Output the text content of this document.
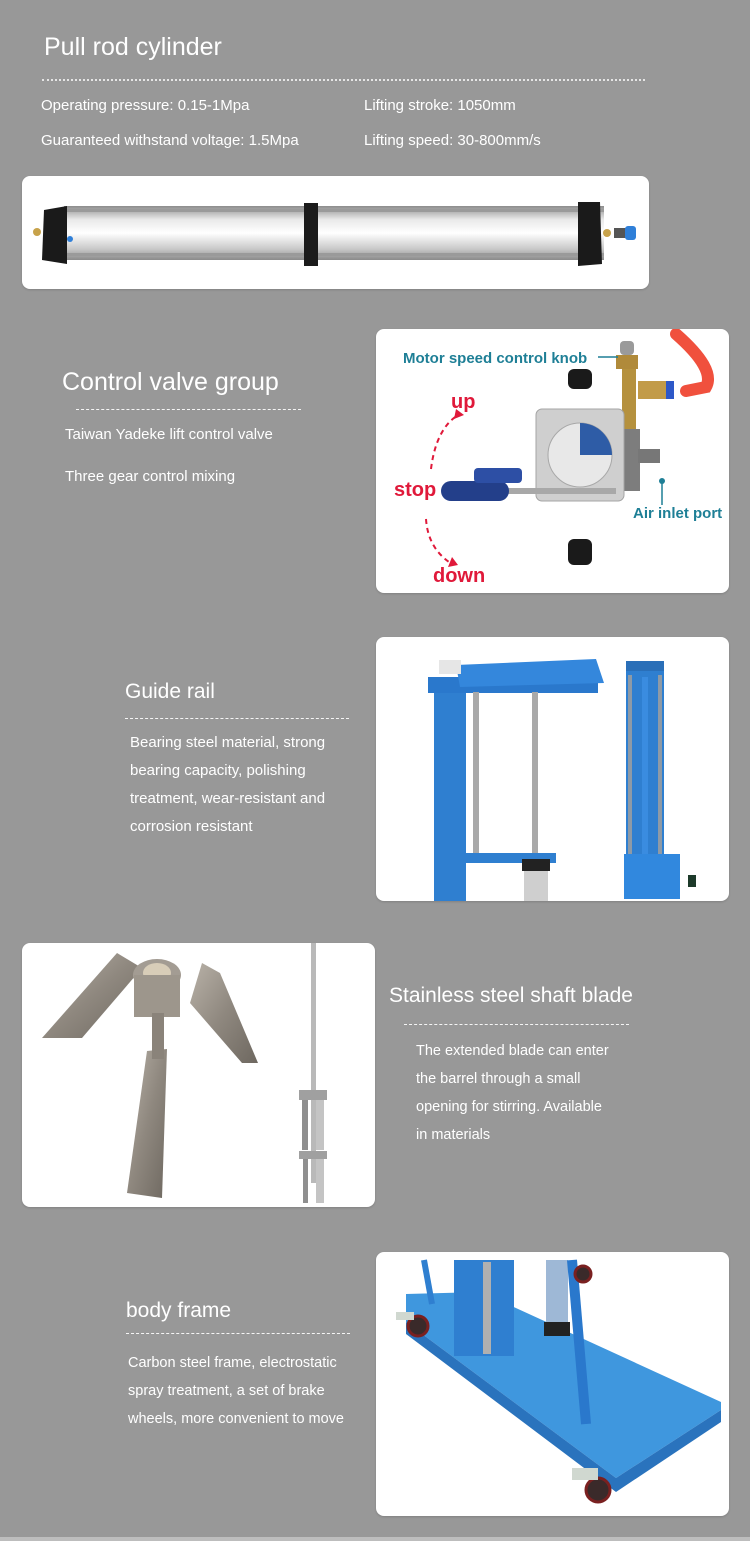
Pull rod cylinder
Operating pressure: 0.15-1Mpa	Lifting stroke: 1050mm
Guaranteed withstand voltage: 1.5Mpa	Lifting speed: 30-800mm/s
Control valve group
Taiwan Yadeke lift control valve
Three gear control mixing
Motor speed control knob
Air inlet port
up
stop
down
Guide rail
Bearing steel material, strong
bearing capacity, polishing
treatment, wear-resistant and
corrosion resistant
Stainless steel shaft blade
The extended blade can enter
the barrel through a small
opening for stirring. Available
in materials
body frame
Carbon steel frame, electrostatic
spray treatment, a set of brake
wheels, more convenient to move
